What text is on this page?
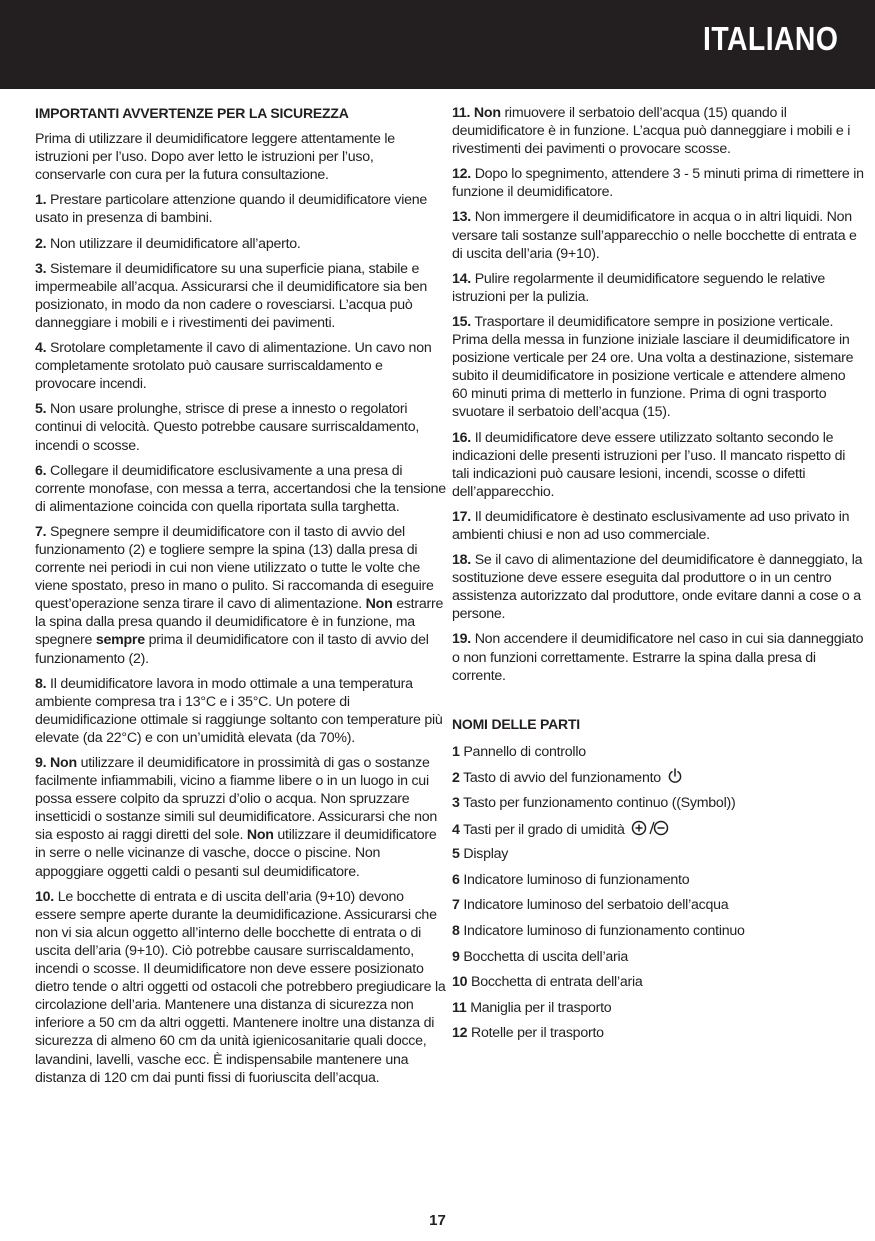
ITALIANO
IMPORTANTI AVVERTENZE PER LA SICUREZZA

Prima di utilizzare il deumidificatore leggere attentamente le istruzioni per l’uso. Dopo aver letto le istruzioni per l’uso, conservarle con cura per la futura consultazione.

1. Prestare particolare attenzione quando il deumidificatore viene usato in presenza di bambini.

2. Non utilizzare il deumidificatore all’aperto.

3. Sistemare il deumidificatore su una superficie piana, stabile e impermeabile all’acqua. Assicurarsi che il deumidificatore sia ben posizionato, in modo da non cadere o rovesciarsi. L’acqua può danneggiare i mobili e i rivestimenti dei pavimenti.

4. Srotolare completamente il cavo di alimentazione. Un cavo non completamente srotolato può causare surriscaldamento e provocare incendi.

5. Non usare prolunghe, strisce di prese a innesto o regolatori continui di velocità. Questo potrebbe causare surriscaldamento, incendi o scosse.

6. Collegare il deumidificatore esclusivamente a una presa di corrente monofase, con messa a terra, accertandosi che la tensione di alimentazione coincida con quella riportata sulla targhetta.

7. Spegnere sempre il deumidificatore con il tasto di avvio del funzionamento (2) e togliere sempre la spina (13) dalla presa di corrente nei periodi in cui non viene utilizzato o tutte le volte che viene spostato, preso in mano o pulito. Si raccomanda di eseguire quest’operazione senza tirare il cavo di alimentazione. Non estrarre la spina dalla presa quando il deumidificatore è in funzione, ma spegnere sempre prima il deumidificatore con il tasto di avvio del funzionamento (2).

8. Il deumidificatore lavora in modo ottimale a una temperatura ambiente compresa tra i 13°C e i 35°C. Un potere di deumidificazione ottimale si raggiunge soltanto con temperature più elevate (da 22°C) e con un’umidità elevata (da 70%).

9. Non utilizzare il deumidificatore in prossimità di gas o sostanze facilmente infiammabili, vicino a fiamme libere o in un luogo in cui possa essere colpito da spruzzi d’olio o acqua. Non spruzzare insetticidi o sostanze simili sul deumidificatore. Assicurarsi che non sia esposto ai raggi diretti del sole. Non utilizzare il deumidificatore in serre o nelle vicinanze di vasche, docce o piscine. Non appoggiare oggetti caldi o pesanti sul deumidificatore.

10. Le bocchette di entrata e di uscita dell’aria (9+10) devono essere sempre aperte durante la deumidificazione. Assicurarsi che non vi sia alcun oggetto all’interno delle bocchette di entrata o di uscita dell’aria (9+10). Ciò potrebbe causare surriscaldamento, incendi o scosse. Il deumidificatore non deve essere posizionato dietro tende o altri oggetti od ostacoli che potrebbero pregiudicare la circolazione dell’aria. Mantenere una distanza di sicurezza non inferiore a 50 cm da altri oggetti. Mantenere inoltre una distanza di sicurezza di almeno 60 cm da unità igienicosanitarie quali docce, lavandini, lavelli, vasche ecc. È indispensabile mantenere una distanza di 120 cm dai punti fissi di fuoriuscita dell’acqua.

11. Non rimuovere il serbatoio dell’acqua (15) quando il deumidificatore è in funzione. L’acqua può danneggiare i mobili e i rivestimenti dei pavimenti o provocare scosse.

12. Dopo lo spegnimento, attendere 3 - 5 minuti prima di rimettere in funzione il deumidificatore.

13. Non immergere il deumidificatore in acqua o in altri liquidi. Non versare tali sostanze sull’apparecchio o nelle bocchette di entrata e di uscita dell’aria (9+10).

14. Pulire regolarmente il deumidificatore seguendo le relative istruzioni per la pulizia.

15. Trasportare il deumidificatore sempre in posizione verticale. Prima della messa in funzione iniziale lasciare il deumidificatore in posizione verticale per 24 ore. Una volta a destinazione, sistemare subito il deumidificatore in posizione verticale e attendere almeno 60 minuti prima di metterlo in funzione. Prima di ogni trasporto svuotare il serbatoio dell’acqua (15).

16. Il deumidificatore deve essere utilizzato soltanto secondo le indicazioni delle presenti istruzioni per l’uso. Il mancato rispetto di tali indicazioni può causare lesioni, incendi, scosse o difetti dell’apparecchio.

17. Il deumidificatore è destinato esclusivamente ad uso privato in ambienti chiusi e non ad uso commerciale.

18. Se il cavo di alimentazione del deumidificatore è danneggiato, la sostituzione deve essere eseguita dal produttore o in un centro assistenza autorizzato dal produttore, onde evitare danni a cose o a persone.

19. Non accendere il deumidificatore nel caso in cui sia danneggiato o non funzioni correttamente. Estrarre la spina dalla presa di corrente.

NOMI DELLE PARTI
1 Pannello di controllo
2 Tasto di avvio del funzionamento
3 Tasto per funzionamento continuo ((Symbol))
4 Tasti per il grado di umidità
5 Display
6 Indicatore luminoso di funzionamento
7 Indicatore luminoso del serbatoio dell’acqua
8 Indicatore luminoso di funzionamento continuo
9 Bocchetta di uscita dell’aria
10 Bocchetta di entrata dell’aria
11 Maniglia per il trasporto
12 Rotelle per il trasporto
17
